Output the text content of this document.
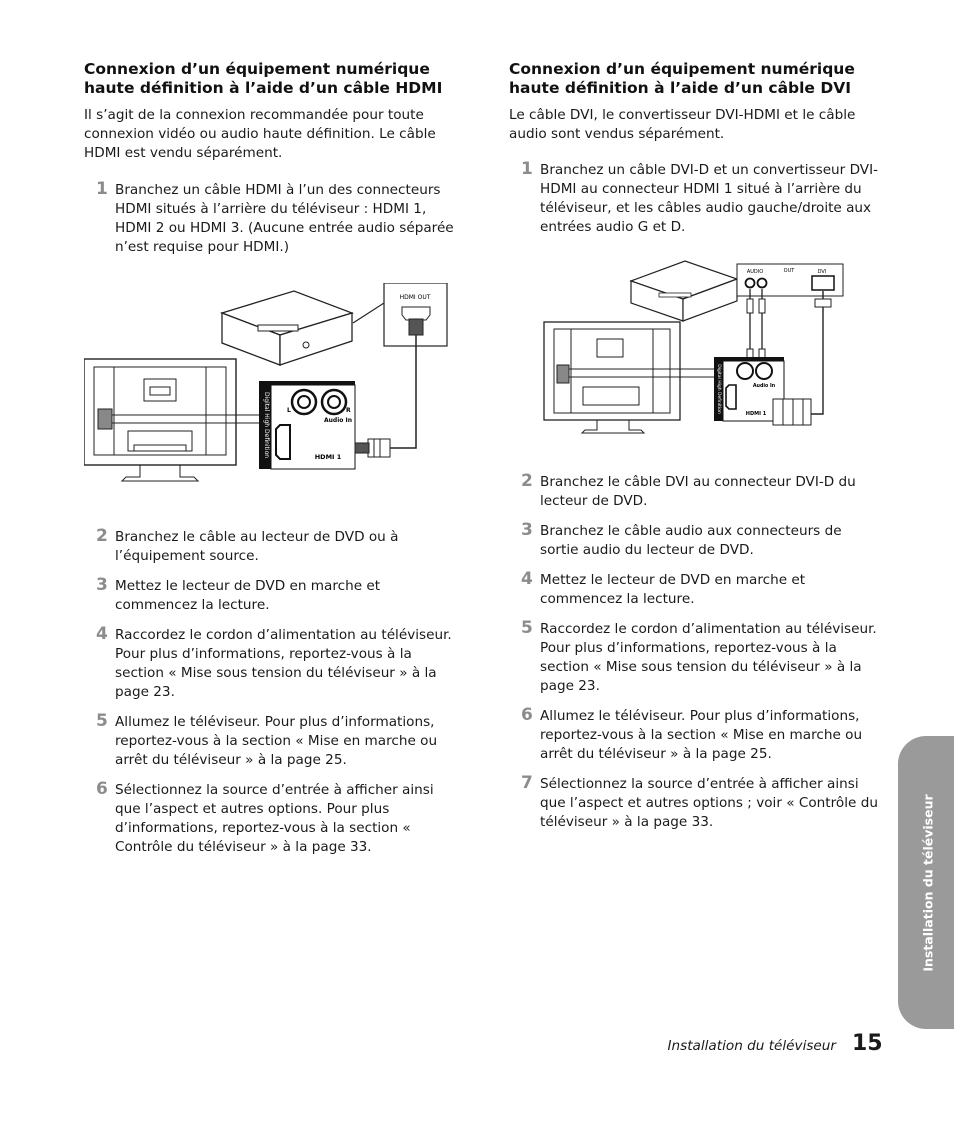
Connexion d’un équipement numérique haute définition à l’aide d’un câble HDMI

Il s’agit de la connexion recommandée pour toute connexion vidéo ou audio haute définition. Le câble HDMI est vendu séparément.

1 Branchez un câble HDMI à l’un des connecteurs HDMI situés à l’arrière du téléviseur : HDMI 1, HDMI 2 ou HDMI 3. (Aucune entrée audio séparée n’est requise pour HDMI.)
HDMI OUT
Digital High Definition	L	R
Audio In
HDMI 1
2 Branchez le câble au lecteur de DVD ou à l’équipement source.
3 Mettez le lecteur de DVD en marche et commencez la lecture.
4 Raccordez le cordon d’alimentation au téléviseur. Pour plus d’informations, reportez-vous à la section « Mise sous tension du téléviseur » à la page 23.
5 Allumez le téléviseur. Pour plus d’informations, reportez-vous à la section « Mise en marche ou arrêt du téléviseur » à la page 25.
6 Sélectionnez la source d’entrée à afficher ainsi que l’aspect et autres options. Pour plus d’informations, reportez-vous à la section « Contrôle du téléviseur » à la page 33.
Connexion d’un équipement numérique haute définition à l’aide d’un câble DVI

Le câble DVI, le convertisseur DVI-HDMI et le câble audio sont vendus séparément.

1 Branchez un câble DVI-D et un convertisseur DVI-HDMI au connecteur HDMI 1 situé à l’arrière du téléviseur, et les câbles audio gauche/droite aux entrées audio G et D.
AUDIO	OUT	DVI
Digital High Definition	Audio In
HDMI 1
2 Branchez le câble DVI au connecteur DVI-D du lecteur de DVD.
3 Branchez le câble audio aux connecteurs de sortie audio du lecteur de DVD.
4 Mettez le lecteur de DVD en marche et commencez la lecture.
5 Raccordez le cordon d’alimentation au téléviseur. Pour plus d’informations, reportez-vous à la section « Mise sous tension du téléviseur » à la page 23.
6 Allumez le téléviseur. Pour plus d’informations, reportez-vous à la section « Mise en marche ou arrêt du téléviseur » à la page 25.
7 Sélectionnez la source d’entrée à afficher ainsi que l’aspect et autres options ; voir « Contrôle du téléviseur » à la page 33.	Installation du téléviseur
Installation du téléviseur 15
